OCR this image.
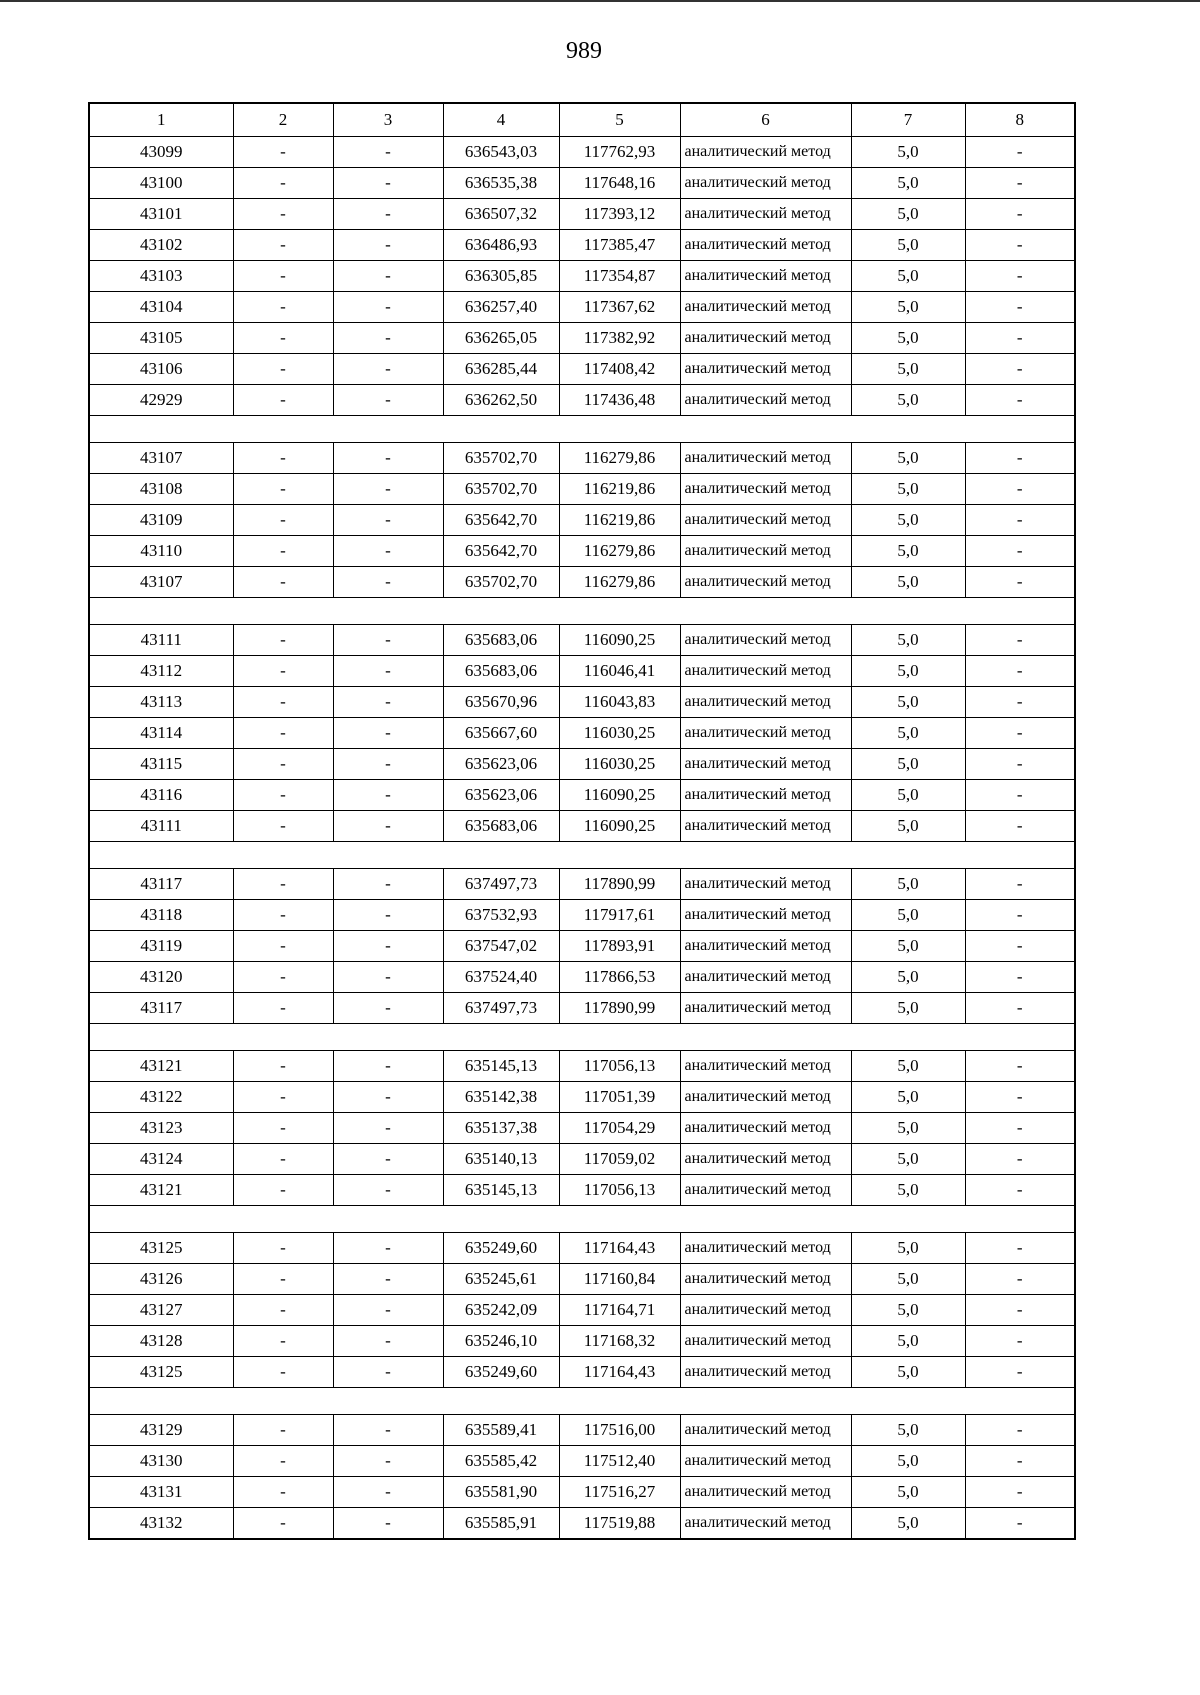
989
1	2	3	4	5	6	7	8
43099	-	-	636543,03	117762,93	аналитический метод	5,0	-
43100	-	-	636535,38	117648,16	аналитический метод	5,0	-
43101	-	-	636507,32	117393,12	аналитический метод	5,0	-
43102	-	-	636486,93	117385,47	аналитический метод	5,0	-
43103	-	-	636305,85	117354,87	аналитический метод	5,0	-
43104	-	-	636257,40	117367,62	аналитический метод	5,0	-
43105	-	-	636265,05	117382,92	аналитический метод	5,0	-
43106	-	-	636285,44	117408,42	аналитический метод	5,0	-
42929	-	-	636262,50	117436,48	аналитический метод	5,0	-

43107	-	-	635702,70	116279,86	аналитический метод	5,0	-
43108	-	-	635702,70	116219,86	аналитический метод	5,0	-
43109	-	-	635642,70	116219,86	аналитический метод	5,0	-
43110	-	-	635642,70	116279,86	аналитический метод	5,0	-
43107	-	-	635702,70	116279,86	аналитический метод	5,0	-

43111	-	-	635683,06	116090,25	аналитический метод	5,0	-
43112	-	-	635683,06	116046,41	аналитический метод	5,0	-
43113	-	-	635670,96	116043,83	аналитический метод	5,0	-
43114	-	-	635667,60	116030,25	аналитический метод	5,0	-
43115	-	-	635623,06	116030,25	аналитический метод	5,0	-
43116	-	-	635623,06	116090,25	аналитический метод	5,0	-
43111	-	-	635683,06	116090,25	аналитический метод	5,0	-

43117	-	-	637497,73	117890,99	аналитический метод	5,0	-
43118	-	-	637532,93	117917,61	аналитический метод	5,0	-
43119	-	-	637547,02	117893,91	аналитический метод	5,0	-
43120	-	-	637524,40	117866,53	аналитический метод	5,0	-
43117	-	-	637497,73	117890,99	аналитический метод	5,0	-

43121	-	-	635145,13	117056,13	аналитический метод	5,0	-
43122	-	-	635142,38	117051,39	аналитический метод	5,0	-
43123	-	-	635137,38	117054,29	аналитический метод	5,0	-
43124	-	-	635140,13	117059,02	аналитический метод	5,0	-
43121	-	-	635145,13	117056,13	аналитический метод	5,0	-

43125	-	-	635249,60	117164,43	аналитический метод	5,0	-
43126	-	-	635245,61	117160,84	аналитический метод	5,0	-
43127	-	-	635242,09	117164,71	аналитический метод	5,0	-
43128	-	-	635246,10	117168,32	аналитический метод	5,0	-
43125	-	-	635249,60	117164,43	аналитический метод	5,0	-

43129	-	-	635589,41	117516,00	аналитический метод	5,0	-
43130	-	-	635585,42	117512,40	аналитический метод	5,0	-
43131	-	-	635581,90	117516,27	аналитический метод	5,0	-
43132	-	-	635585,91	117519,88	аналитический метод	5,0	-
